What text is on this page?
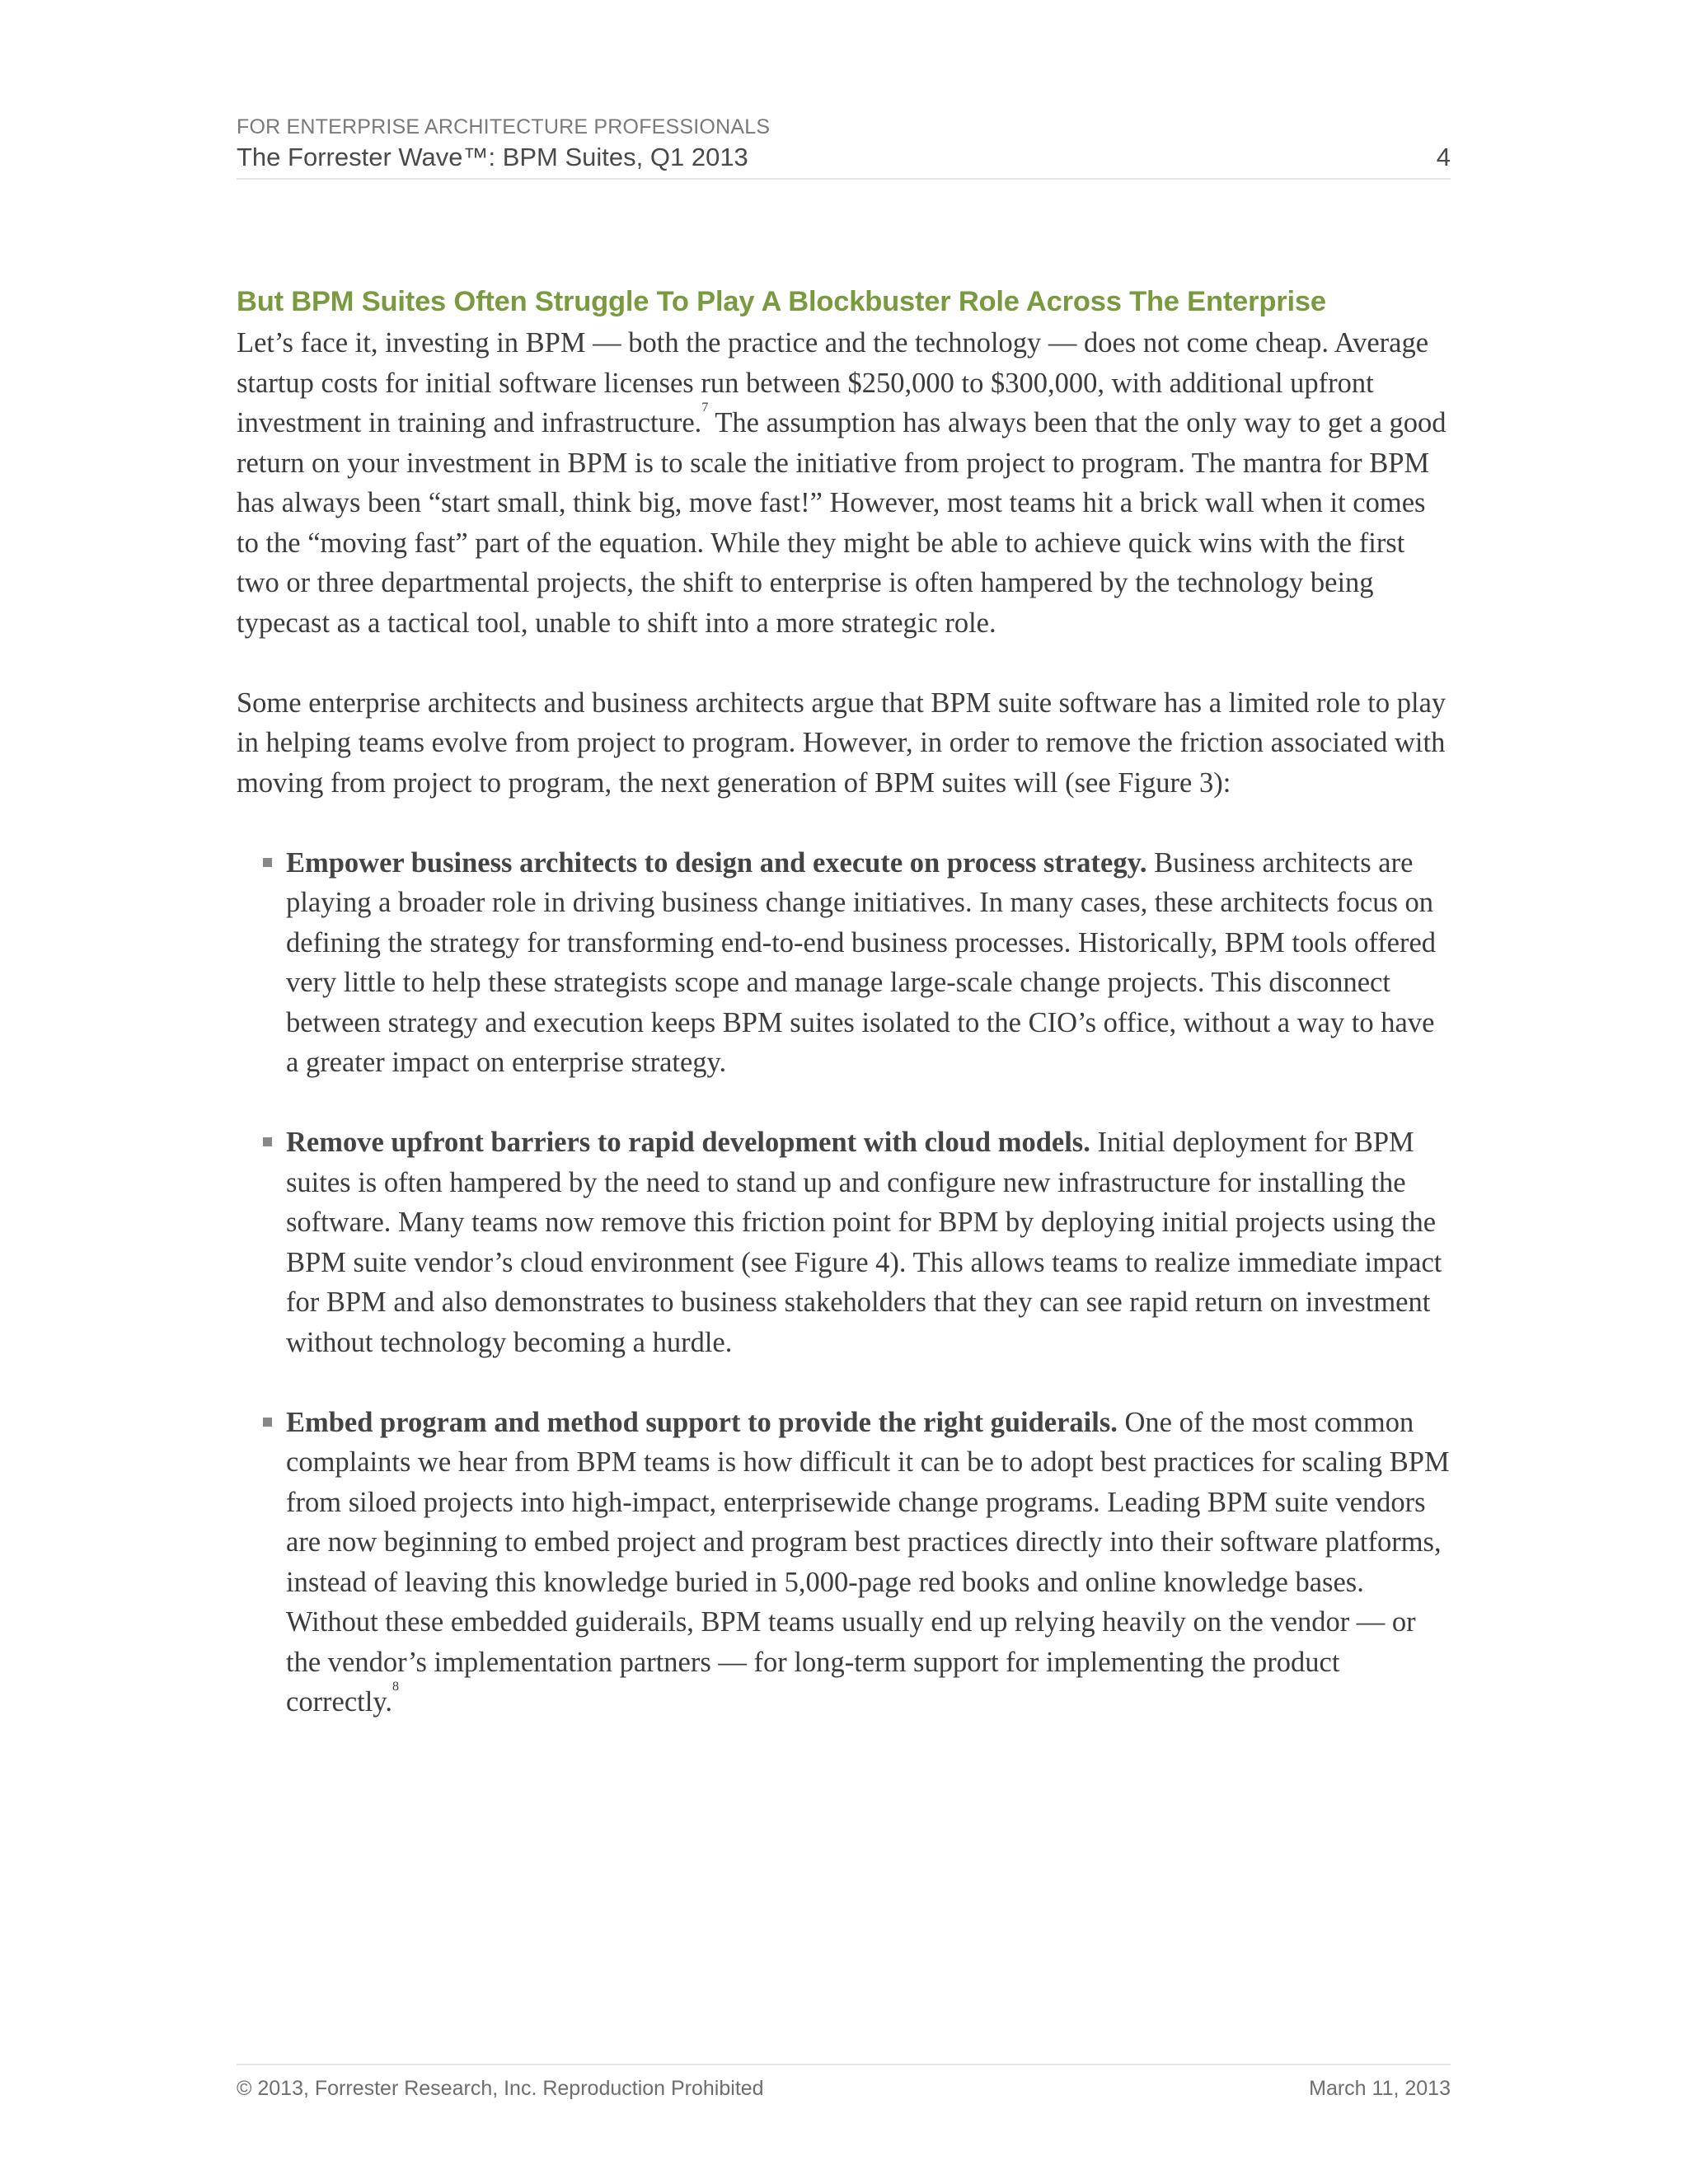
FOR ENTERPRISE ARCHITECTURE PROFESSIONALS
The Forrester Wave™: BPM Suites, Q1 2013	4
But BPM Suites Often Struggle To Play A Blockbuster Role Across The Enterprise

Let’s face it, investing in BPM — both the practice and the technology — does not come cheap. Average startup costs for initial software licenses run between $250,000 to $300,000, with additional upfront investment in training and infrastructure.$^7$ The assumption has always been that the only way to get a good return on your investment in BPM is to scale the initiative from project to program. The mantra for BPM has always been “start small, think big, move fast!” However, most teams hit a brick wall when it comes to the “moving fast” part of the equation. While they might be able to achieve quick wins with the first two or three departmental projects, the shift to enterprise is often hampered by the technology being typecast as a tactical tool, unable to shift into a more strategic role.

Some enterprise architects and business architects argue that BPM suite software has a limited role to play in helping teams evolve from project to program. However, in order to remove the friction associated with moving from project to program, the next generation of BPM suites will (see Figure 3):

Empower business architects to design and execute on process strategy. Business architects are playing a broader role in driving business change initiatives. In many cases, these architects focus on defining the strategy for transforming end-to-end business processes. Historically, BPM tools offered very little to help these strategists scope and manage large-scale change projects. This disconnect between strategy and execution keeps BPM suites isolated to the CIO’s office, without a way to have a greater impact on enterprise strategy.
Remove upfront barriers to rapid development with cloud models. Initial deployment for BPM suites is often hampered by the need to stand up and configure new infrastructure for installing the software. Many teams now remove this friction point for BPM by deploying initial projects using the BPM suite vendor’s cloud environment (see Figure 4). This allows teams to realize immediate impact for BPM and also demonstrates to business stakeholders that they can see rapid return on investment without technology becoming a hurdle.
Embed program and method support to provide the right guiderails. One of the most common complaints we hear from BPM teams is how difficult it can be to adopt best practices for scaling BPM from siloed projects into high-impact, enterprisewide change programs. Leading BPM suite vendors are now beginning to embed project and program best practices directly into their software platforms, instead of leaving this knowledge buried in 5,000-page red books and online knowledge bases. Without these embedded guiderails, BPM teams usually end up relying heavily on the vendor — or the vendor’s implementation partners — for long-term support for implementing the product correctly.$^8$
© 2013, Forrester Research, Inc. Reproduction Prohibited	March 11, 2013
